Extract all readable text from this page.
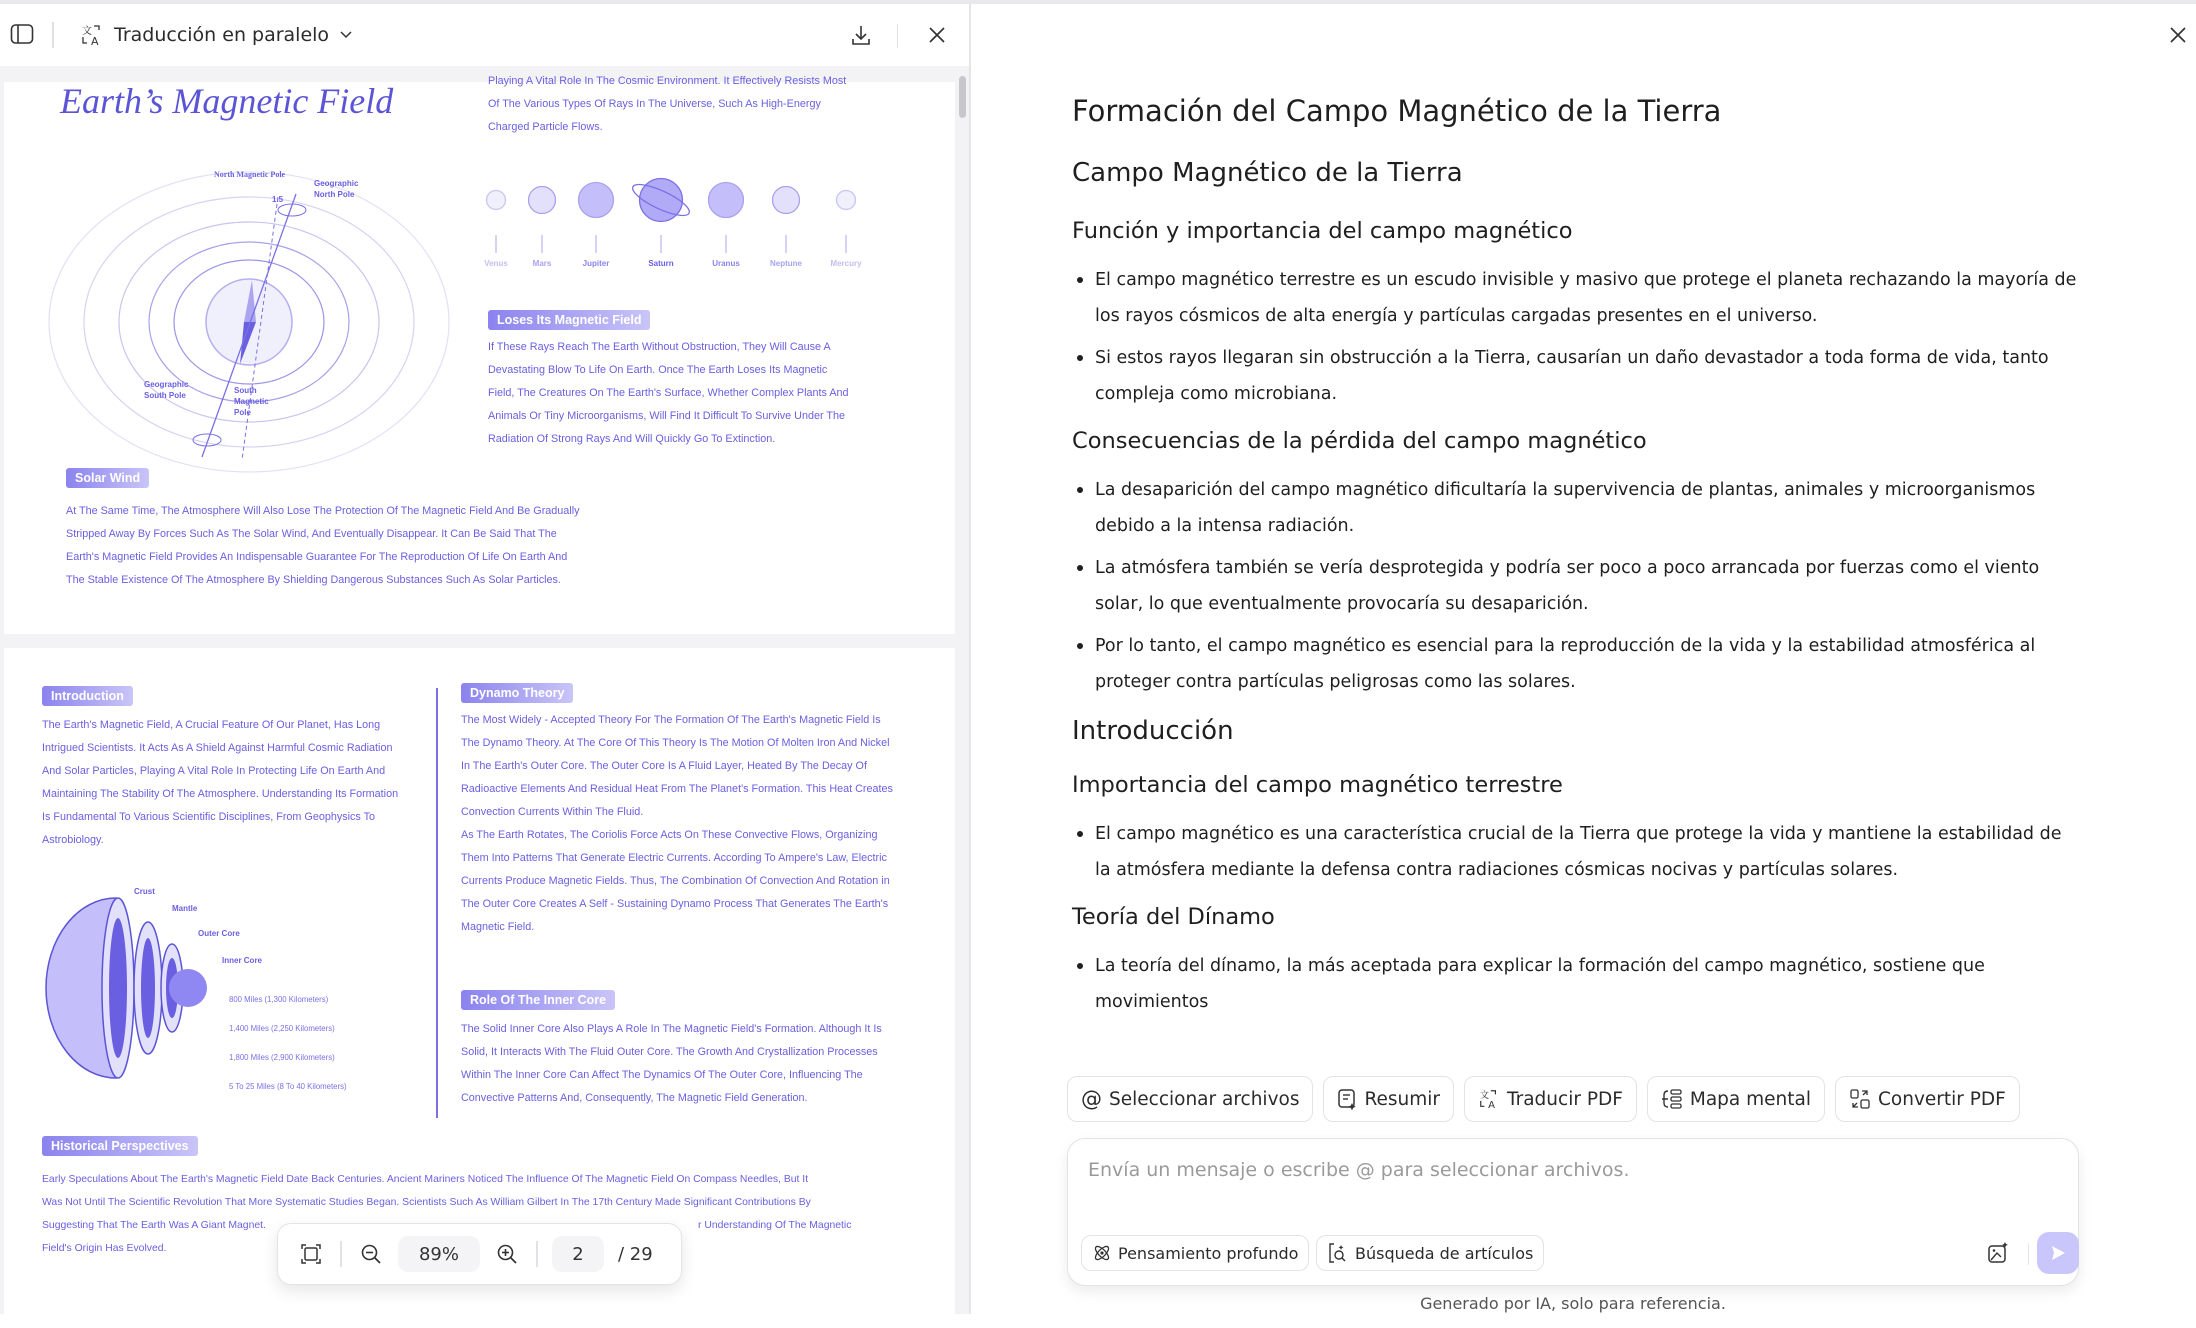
文
A Traducción en paralelo
Earth’s Magnetic Field
North Magnetic Pole
Geographic North Pole
1.5
Geographic South Pole
South Magnetic Pole
Playing A Vital Role In The Cosmic Environment. It Effectively Resists Most
Of The Various Types Of Rays In The Universe, Such As High-Energy
Charged Particle Flows.
Venus	Mars	Jupiter	Saturn	Uranus	Neptune	Mercury
Loses Its Magnetic Field
If These Rays Reach The Earth Without Obstruction, They Will Cause A
Devastating Blow To Life On Earth. Once The Earth Loses Its Magnetic
Field, The Creatures On The Earth's Surface, Whether Complex Plants And
Animals Or Tiny Microorganisms, Will Find It Difficult To Survive Under The
Radiation Of Strong Rays And Will Quickly Go To Extinction.
Solar Wind
At The Same Time, The Atmosphere Will Also Lose The Protection Of The Magnetic Field And Be Gradually
Stripped Away By Forces Such As The Solar Wind, And Eventually Disappear. It Can Be Said That The
Earth's Magnetic Field Provides An Indispensable Guarantee For The Reproduction Of Life On Earth And
The Stable Existence Of The Atmosphere By Shielding Dangerous Substances Such As Solar Particles.
Introduction
The Earth's Magnetic Field, A Crucial Feature Of Our Planet, Has Long
Intrigued Scientists. It Acts As A Shield Against Harmful Cosmic Radiation
And Solar Particles, Playing A Vital Role In Protecting Life On Earth And
Maintaining The Stability Of The Atmosphere. Understanding Its Formation
Is Fundamental To Various Scientific Disciplines, From Geophysics To
Astrobiology.
Crust
Mantle
Outer Core
Inner Core
800 Miles (1,300 Kilometers)
1,400 Miles (2,250 Kilometers)
1,800 Miles (2,900 Kilometers)
5 To 25 Miles (8 To 40 Kilometers)
Dynamo Theory
The Most Widely - Accepted Theory For The Formation Of The Earth's Magnetic Field Is
The Dynamo Theory. At The Core Of This Theory Is The Motion Of Molten Iron And Nickel
In The Earth's Outer Core. The Outer Core Is A Fluid Layer, Heated By The Decay Of
Radioactive Elements And Residual Heat From The Planet's Formation. This Heat Creates
Convection Currents Within The Fluid.
As The Earth Rotates, The Coriolis Force Acts On These Convective Flows, Organizing
Them Into Patterns That Generate Electric Currents. According To Ampere's Law, Electric
Currents Produce Magnetic Fields. Thus, The Combination Of Convection And Rotation in
The Outer Core Creates A Self - Sustaining Dynamo Process That Generates The Earth's
Magnetic Field.
Role Of The Inner Core
The Solid Inner Core Also Plays A Role In The Magnetic Field's Formation. Although It Is
Solid, It Interacts With The Fluid Outer Core. The Growth And Crystallization Processes
Within The Inner Core Can Affect The Dynamics Of The Outer Core, Influencing The
Convective Patterns And, Consequently, The Magnetic Field Generation.
Historical Perspectives
Early Speculations About The Earth's Magnetic Field Date Back Centuries. Ancient Mariners Noticed The Influence Of The Magnetic Field On Compass Needles, But It
Was Not Until The Scientific Revolution That More Systematic Studies Began. Scientists Such As William Gilbert In The 17th Century Made Significant Contributions By
Suggesting That The Earth Was A Giant Magnet.	r Understanding Of The Magnetic
Field's Origin Has Evolved.	89%	2 / 29
Formación del Campo Magnético de la Tierra
Campo Magnético de la Tierra
Función y importancia del campo magnético
El campo magnético terrestre es un escudo invisible y masivo que protege el planeta rechazando la mayoría de los rayos cósmicos de alta energía y partículas cargadas presentes en el universo.
Si estos rayos llegaran sin obstrucción a la Tierra, causarían un daño devastador a toda forma de vida, tanto compleja como microbiana.
Consecuencias de la pérdida del campo magnético
La desaparición del campo magnético dificultaría la supervivencia de plantas, animales y microorganismos debido a la intensa radiación.
La atmósfera también se vería desprotegida y podría ser poco a poco arrancada por fuerzas como el viento solar, lo que eventualmente provocaría su desaparición.
Por lo tanto, el campo magnético es esencial para la reproducción de la vida y la estabilidad atmosférica al proteger contra partículas peligrosas como las solares.
Introducción
Importancia del campo magnético terrestre
El campo magnético es una característica crucial de la Tierra que protege la vida y mantiene la estabilidad de la atmósfera mediante la defensa contra radiaciones cósmicas nocivas y partículas solares.
Teoría del Dínamo
La teoría del dínamo, la más aceptada para explicar la formación del campo magnético, sostiene que movimientos
@ Seleccionar archivos	Resumir	文
A Traducir PDF	Mapa mental	Convertir PDF
Envía un mensaje o escribe @ para seleccionar archivos.
Pensamiento profundo	Búsqueda de artículos
Generado por IA, solo para referencia.
